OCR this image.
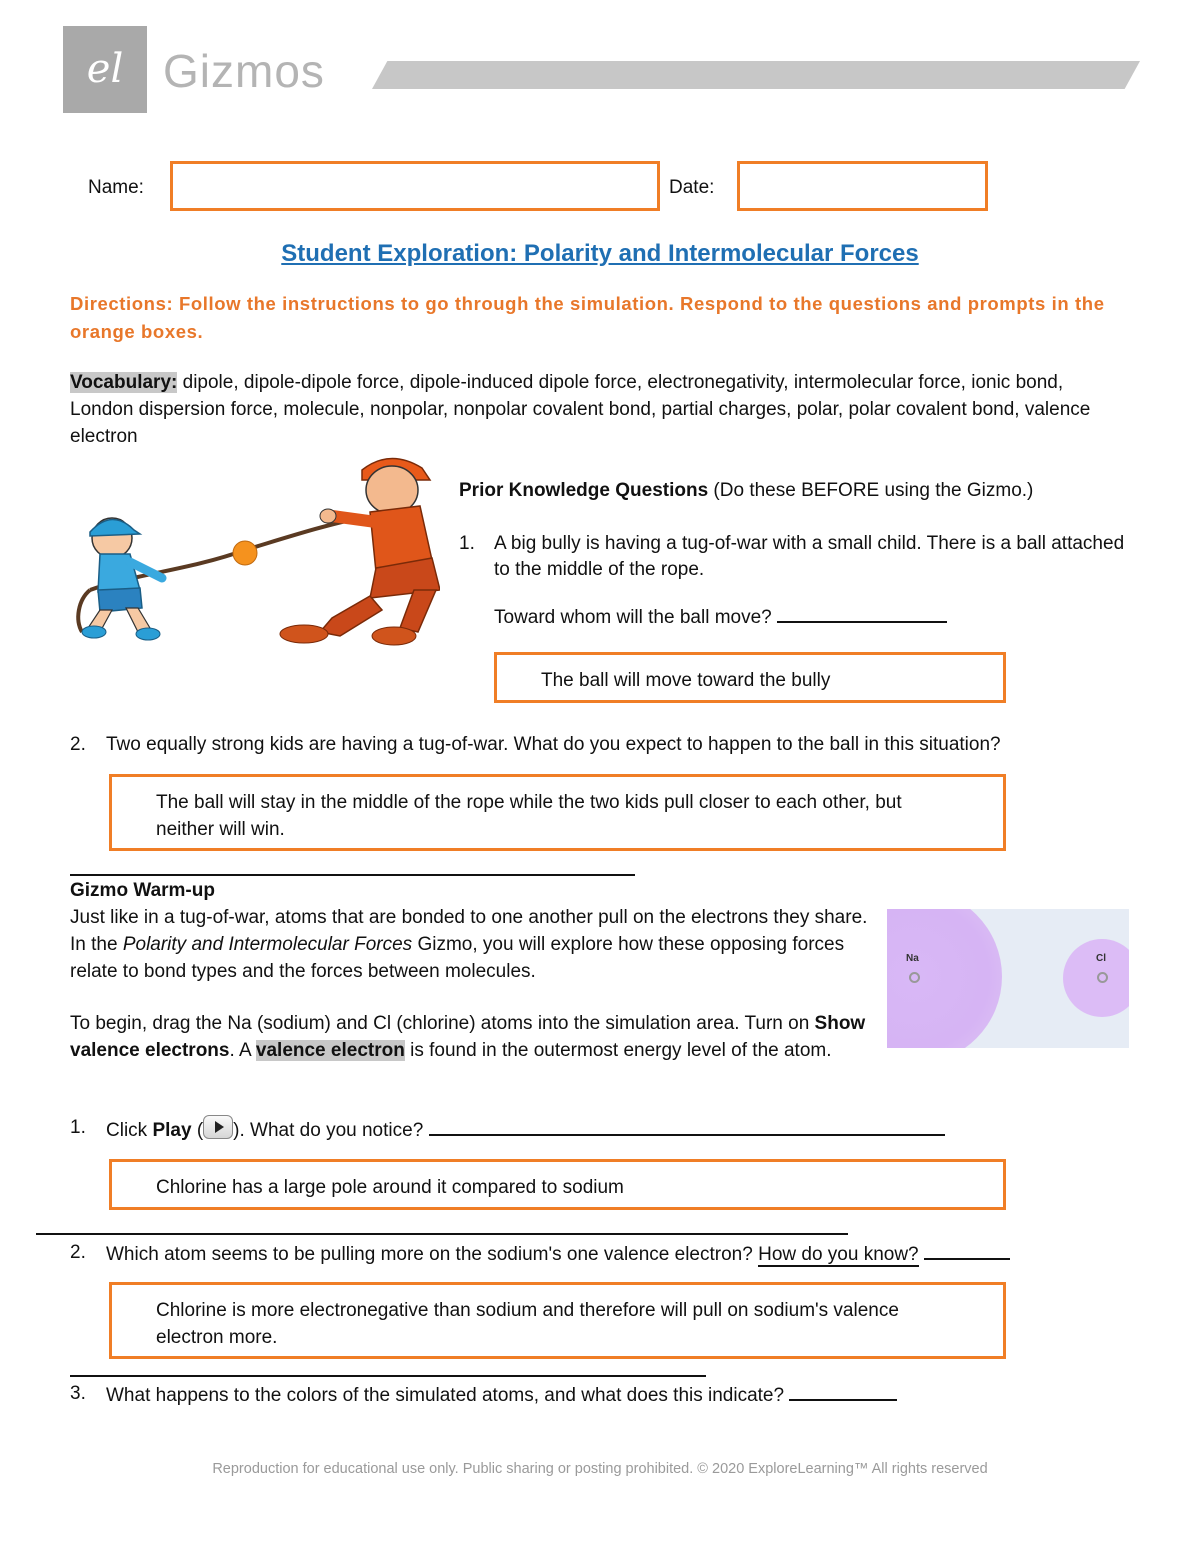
el Gizmos
Name:	Date:
Student Exploration: Polarity and Intermolecular Forces
Directions: Follow the instructions to go through the simulation. Respond to the questions and prompts in the orange boxes.
Vocabulary: dipole, dipole-dipole force, dipole-induced dipole force, electronegativity, intermolecular force, ionic bond, London dispersion force, molecule, nonpolar, nonpolar covalent bond, partial charges, polar, polar covalent bond, valence electron
Prior Knowledge Questions (Do these BEFORE using the Gizmo.)
1. A big bully is having a tug-of-war with a small child. There is a ball attached to the middle of the rope.
Toward whom will the ball move?
The ball will move toward the bully
2. Two equally strong kids are having a tug-of-war. What do you expect to happen to the ball in this situation?
The ball will stay in the middle of the rope while the two kids pull closer to each other, but neither will win.
Gizmo Warm-up
Just like in a tug-of-war, atoms that are bonded to one another pull on the electrons they share. In the Polarity and Intermolecular Forces Gizmo, you will explore how these opposing forces relate to bond types and the forces between molecules.
To begin, drag the Na (sodium) and Cl (chlorine) atoms into the simulation area. Turn on Show valence electrons. A valence electron is found in the outermost energy level of the atom.
Na	Cl
1. Click Play ( ). What do you notice?
Chlorine has a large pole around it compared to sodium
2. Which atom seems to be pulling more on the sodium's one valence electron? How do you know?
Chlorine is more electronegative than sodium and therefore will pull on sodium's valence electron more.
3. What happens to the colors of the simulated atoms, and what does this indicate?
Reproduction for educational use only. Public sharing or posting prohibited. © 2020 ExploreLearning™ All rights reserved
